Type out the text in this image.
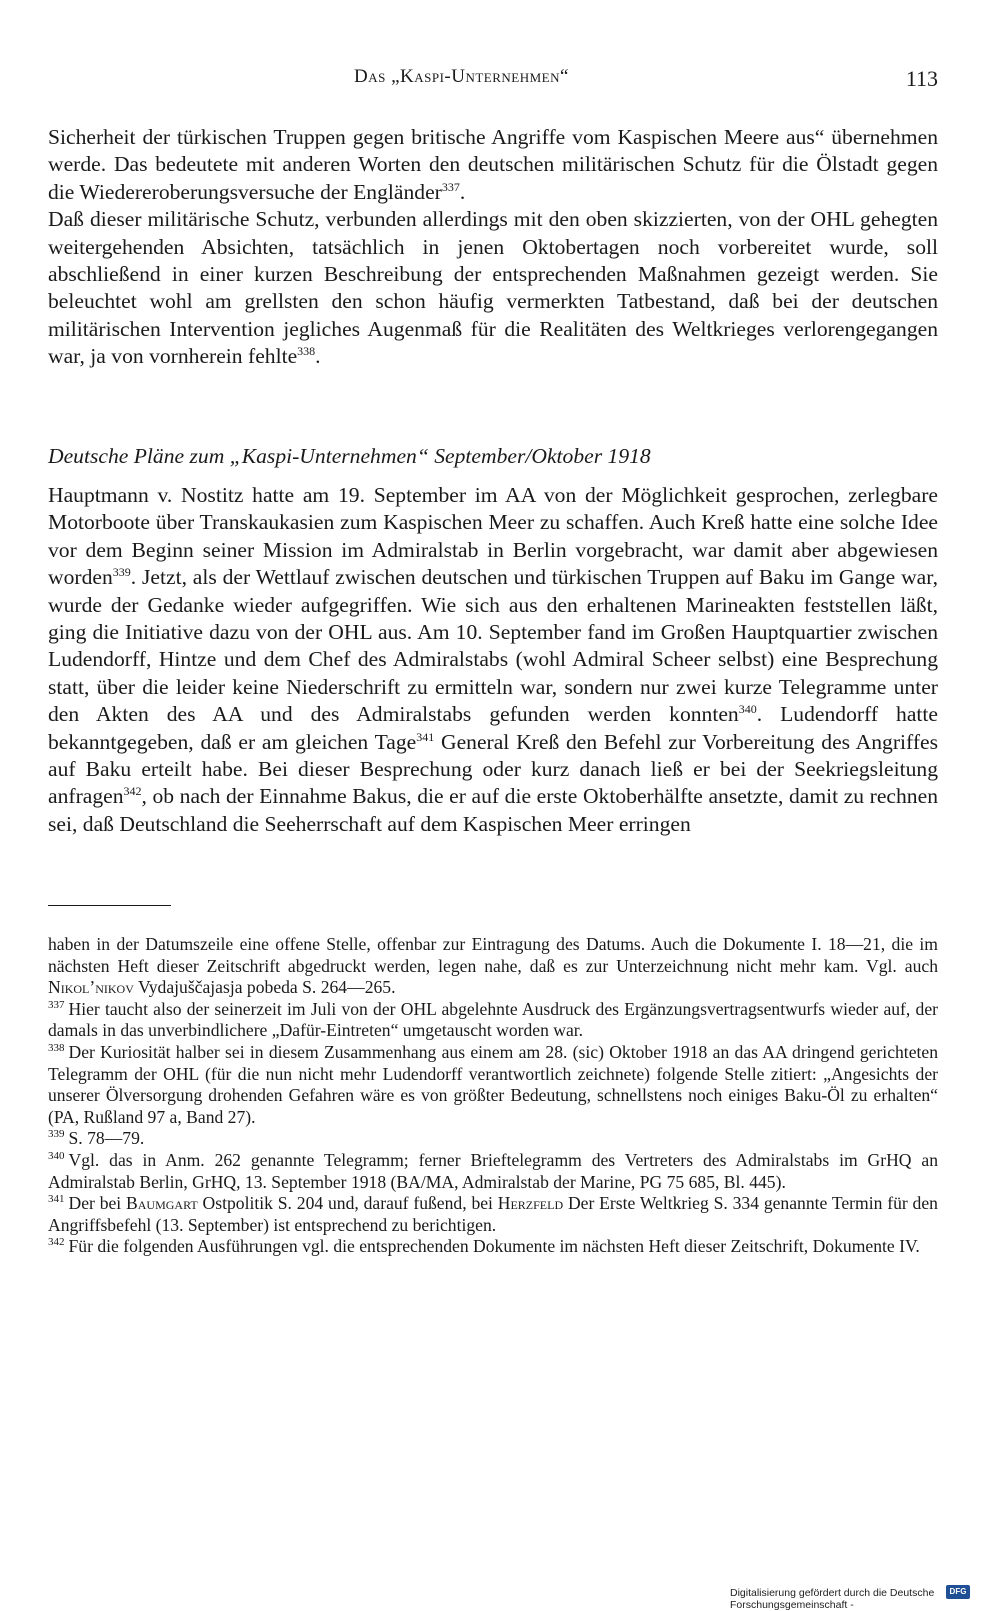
Das „Kaspi-Unternehmen“	113

Sicherheit der türkischen Truppen gegen britische Angriffe vom Kaspischen Meere aus“ übernehmen werde. Das bedeutete mit anderen Worten den deutschen militärischen Schutz für die Ölstadt gegen die Wiedereroberungsversuche der Engländer$^{337}$.

Daß dieser militärische Schutz, verbunden allerdings mit den oben skizzierten, von der OHL gehegten weitergehenden Absichten, tatsächlich in jenen Oktobertagen noch vorbereitet wurde, soll abschließend in einer kurzen Beschreibung der entsprechenden Maßnahmen gezeigt werden. Sie beleuchtet wohl am grellsten den schon häufig vermerkten Tatbestand, daß bei der deutschen militärischen Intervention jegliches Augenmaß für die Realitäten des Weltkrieges verlorengegangen war, ja von vornherein fehlte$^{338}$.

Deutsche Pläne zum „Kaspi-Unternehmen“ September/Oktober 1918
Hauptmann v. Nostitz hatte am 19. September im AA von der Möglichkeit gesprochen, zerlegbare Motorboote über Transkaukasien zum Kaspischen Meer zu schaffen. Auch Kreß hatte eine solche Idee vor dem Beginn seiner Mission im Admiralstab in Berlin vorgebracht, war damit aber abgewiesen worden$^{339}$. Jetzt, als der Wettlauf zwischen deutschen und türkischen Truppen auf Baku im Gange war, wurde der Gedanke wieder aufgegriffen. Wie sich aus den erhaltenen Marineakten feststellen läßt, ging die Initiative dazu von der OHL aus. Am 10. September fand im Großen Hauptquartier zwischen Ludendorff, Hintze und dem Chef des Admiralstabs (wohl Admiral Scheer selbst) eine Besprechung statt, über die leider keine Niederschrift zu ermitteln war, sondern nur zwei kurze Telegramme unter den Akten des AA und des Admiralstabs gefunden werden konnten$^{340}$. Ludendorff hatte bekanntgegeben, daß er am gleichen Tage$^{341}$ General Kreß den Befehl zur Vorbereitung des Angriffes auf Baku erteilt habe. Bei dieser Besprechung oder kurz danach ließ er bei der Seekriegsleitung anfragen$^{342}$, ob nach der Einnahme Bakus, die er auf die erste Oktoberhälfte ansetzte, damit zu rechnen sei, daß Deutschland die Seeherrschaft auf dem Kaspischen Meer erringen

haben in der Datumszeile eine offene Stelle, offenbar zur Eintragung des Datums. Auch die Dokumente I. 18—21, die im nächsten Heft dieser Zeitschrift abgedruckt werden, legen nahe, daß es zur Unterzeichnung nicht mehr kam. Vgl. auch Nikol’nikov Vydajuščajasja pobeda S. 264—265.

$^{337}$ Hier taucht also der seinerzeit im Juli von der OHL abgelehnte Ausdruck des Ergänzungsvertragsentwurfs wieder auf, der damals in das unverbindlichere „Dafür-Eintreten“ umgetauscht worden war.

$^{338}$ Der Kuriosität halber sei in diesem Zusammenhang aus einem am 28. (sic) Oktober 1918 an das AA dringend gerichteten Telegramm der OHL (für die nun nicht mehr Ludendorff verantwortlich zeichnete) folgende Stelle zitiert: „Angesichts der unserer Ölversorgung drohenden Gefahren wäre es von größter Bedeutung, schnellstens noch einiges Baku-Öl zu erhalten“ (PA, Rußland 97 a, Band 27).

$^{339}$ S. 78—79.

$^{340}$ Vgl. das in Anm. 262 genannte Telegramm; ferner Brieftelegramm des Vertreters des Admiralstabs im GrHQ an Admiralstab Berlin, GrHQ, 13. September 1918 (BA/MA, Admiralstab der Marine, PG 75 685, Bl. 445).

$^{341}$ Der bei Baumgart Ostpolitik S. 204 und, darauf fußend, bei Herzfeld Der Erste Weltkrieg S. 334 genannte Termin für den Angriffsbefehl (13. September) ist entsprechend zu berichtigen.

$^{342}$ Für die folgenden Ausführungen vgl. die entsprechenden Dokumente im nächsten Heft dieser Zeitschrift, Dokumente IV.

Digitalisierung gefördert durch die Deutsche Forschungsgemeinschaft -
DFG
